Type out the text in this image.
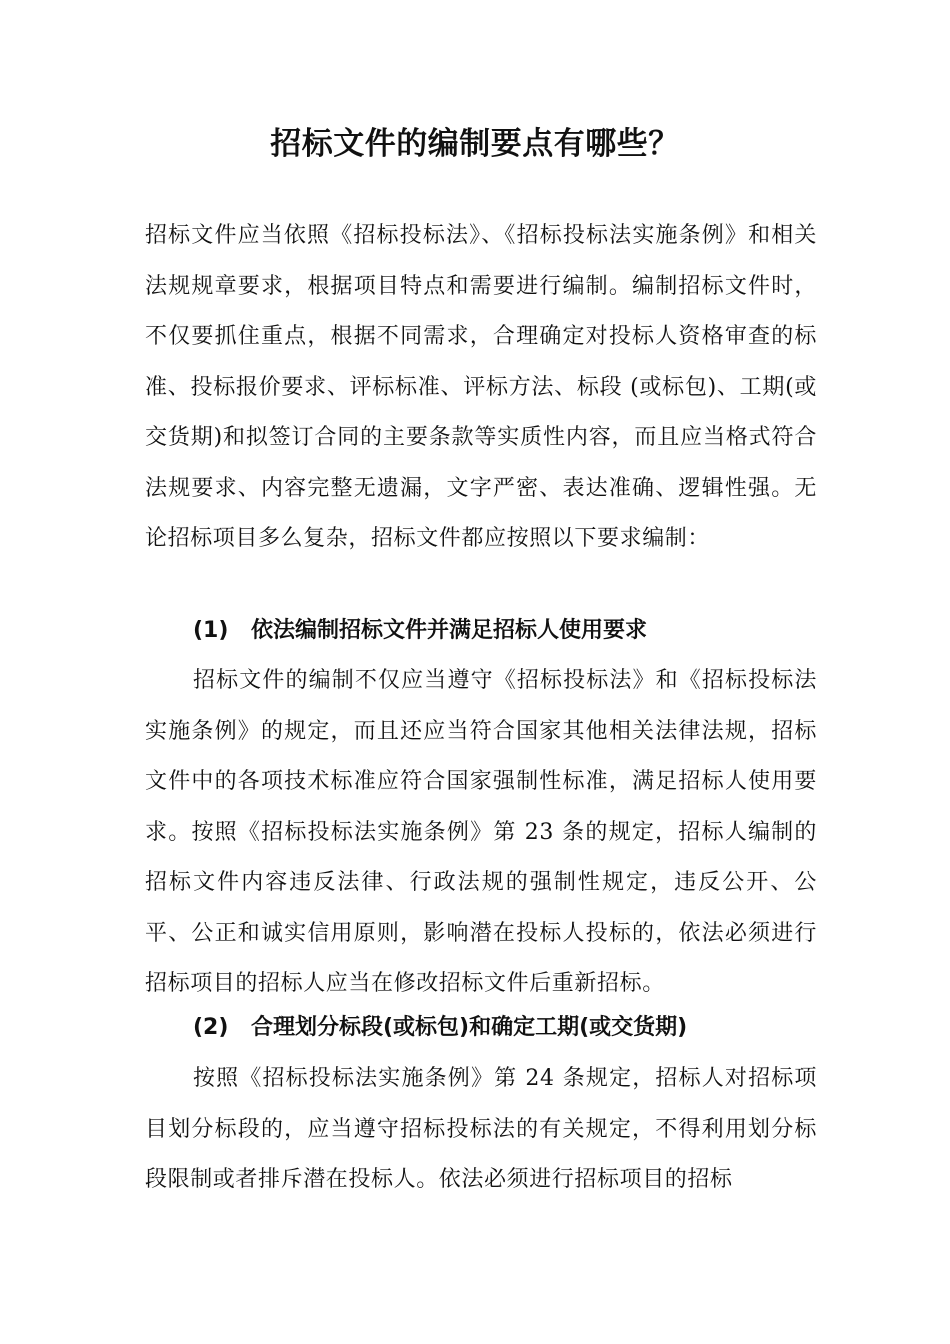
招标文件的编制要点有哪些？

招标文件应当依照《招标投标法》、《招标投标法实施条例》和相关法规规章要求，根据项目特点和需要进行编制。编制招标文件时，不仅要抓住重点，根据不同需求，合理确定对投标人资格审查的标准、投标报价要求、评标标准、评标方法、标段 (或标包)、工期(或交货期)和拟签订合同的主要条款等实质性内容，而且应当格式符合法规要求、内容完整无遗漏，文字严密、表达准确、逻辑性强。无论招标项目多么复杂，招标文件都应按照以下要求编制：

(1) 依法编制招标文件并满足招标人使用要求

招标文件的编制不仅应当遵守《招标投标法》和《招标投标法实施条例》的规定，而且还应当符合国家其他相关法律法规，招标文件中的各项技术标准应符合国家强制性标准，满足招标人使用要求。按照《招标投标法实施条例》第 23 条的规定，招标人编制的招标文件内容违反法律、行政法规的强制性规定，违反公开、公平、公正和诚实信用原则，影响潜在投标人投标的，依法必须进行招标项目的招标人应当在修改招标文件后重新招标。

(2) 合理划分标段(或标包)和确定工期(或交货期)

按照《招标投标法实施条例》第 24 条规定，招标人对招标项目划分标段的，应当遵守招标投标法的有关规定，不得利用划分标段限制或者排斥潜在投标人。依法必须进行招标项目的招标
